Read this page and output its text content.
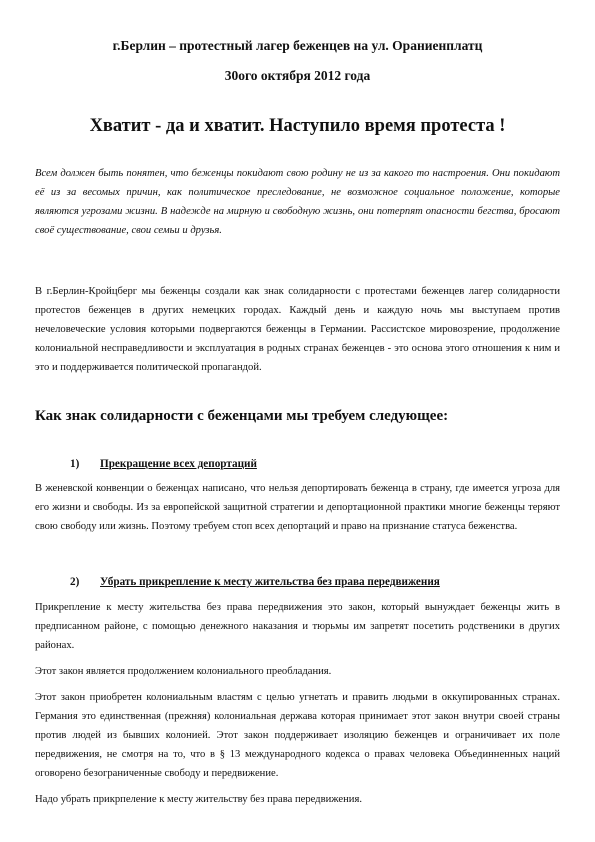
г.Берлин – протестный лагер беженцев на ул. Ораниенплатц
30ого октября 2012 года
Хватит - да и хватит. Наступило время протеста !

Всем должен быть понятен, что беженцы покидают свою родину не из за какого то настроения. Они покидают её из за весомых причин, как политическое преследование, не возможное социальное положение, которые являются угрозами жизни. В надежде на мирную и свободную жизнь, они потерпят опасности бегства, бросают своё существование, свои семьи и друзья.

В г.Берлин-Кройцберг мы беженцы создали как знак солидарности с протестами беженцев лагер солидарности протестов беженцев в других немецких городах. Каждый день и каждую ночь мы выступаем против нечеловеческие условия которыми подвергаются беженцы в Германии. Рассистское мировозрение, продолжение колониальной несправедливости и эксплуатация в родных странах беженцев - это основа этого отношения к ним и это и поддерживается политической пропагандой.

Как знак солидарности с беженцами мы требуем следующее:
1) Прекращение всех депортаций

В женевской конвенции о беженцах написано, что нельзя депортировать беженца в страну, где имеется угроза для его жизни и свободы. Из за европейской защитной стратегии и депортационной практики многие беженцы теряют свою свободу или жизнь. Поэтому требуем стоп всех депортаций и право на признание статуса беженства.

2) Убрать прикрепление к месту жительства без права передвижения

Прикрепление к месту жительства без права передвижения это закон, который вынуждает беженцы жить в предписанном районе, с помощью денежного наказания и тюрьмы им запретят посетить родственики в других районах.

Этот закон является продолжением колониального преобладания.

Этот закон приобретен колониальным властям с целью угнетать и править людьми в оккупированных странах. Германия это единственная (прежняя) колониальная держава которая принимает этот закон внутри своей страны против людей из бывших колонией. Этот закон поддерживает изоляцию беженцев и ограничивает их поле передвижения, не смотря на то, что в § 13 международного кодекса о правах человека Объединненных наций оговорено безограниченные свободу и передвижение.

Надо убрать прикрпеление к месту жительству без права передвижения.
